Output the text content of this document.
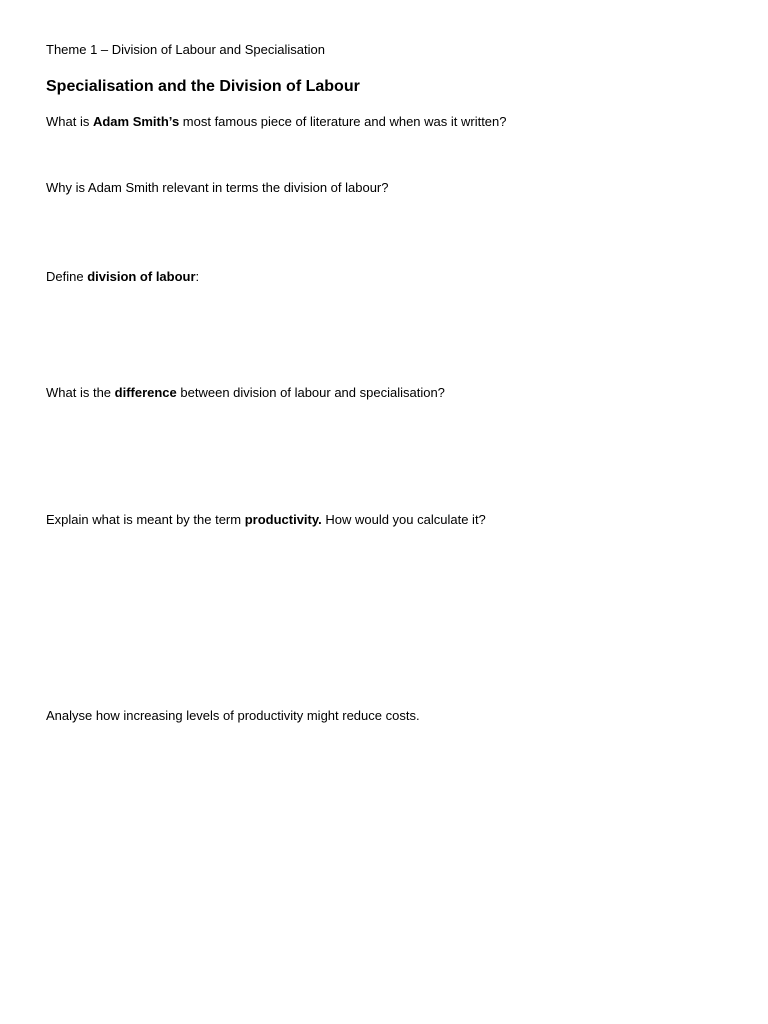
Theme 1 – Division of Labour and Specialisation
Specialisation and the Division of Labour
What is Adam Smith’s most famous piece of literature and when was it written?
Why is Adam Smith relevant in terms the division of labour?
Define division of labour:
What is the difference between division of labour and specialisation?
Explain what is meant by the term productivity. How would you calculate it?
Analyse how increasing levels of productivity might reduce costs.
